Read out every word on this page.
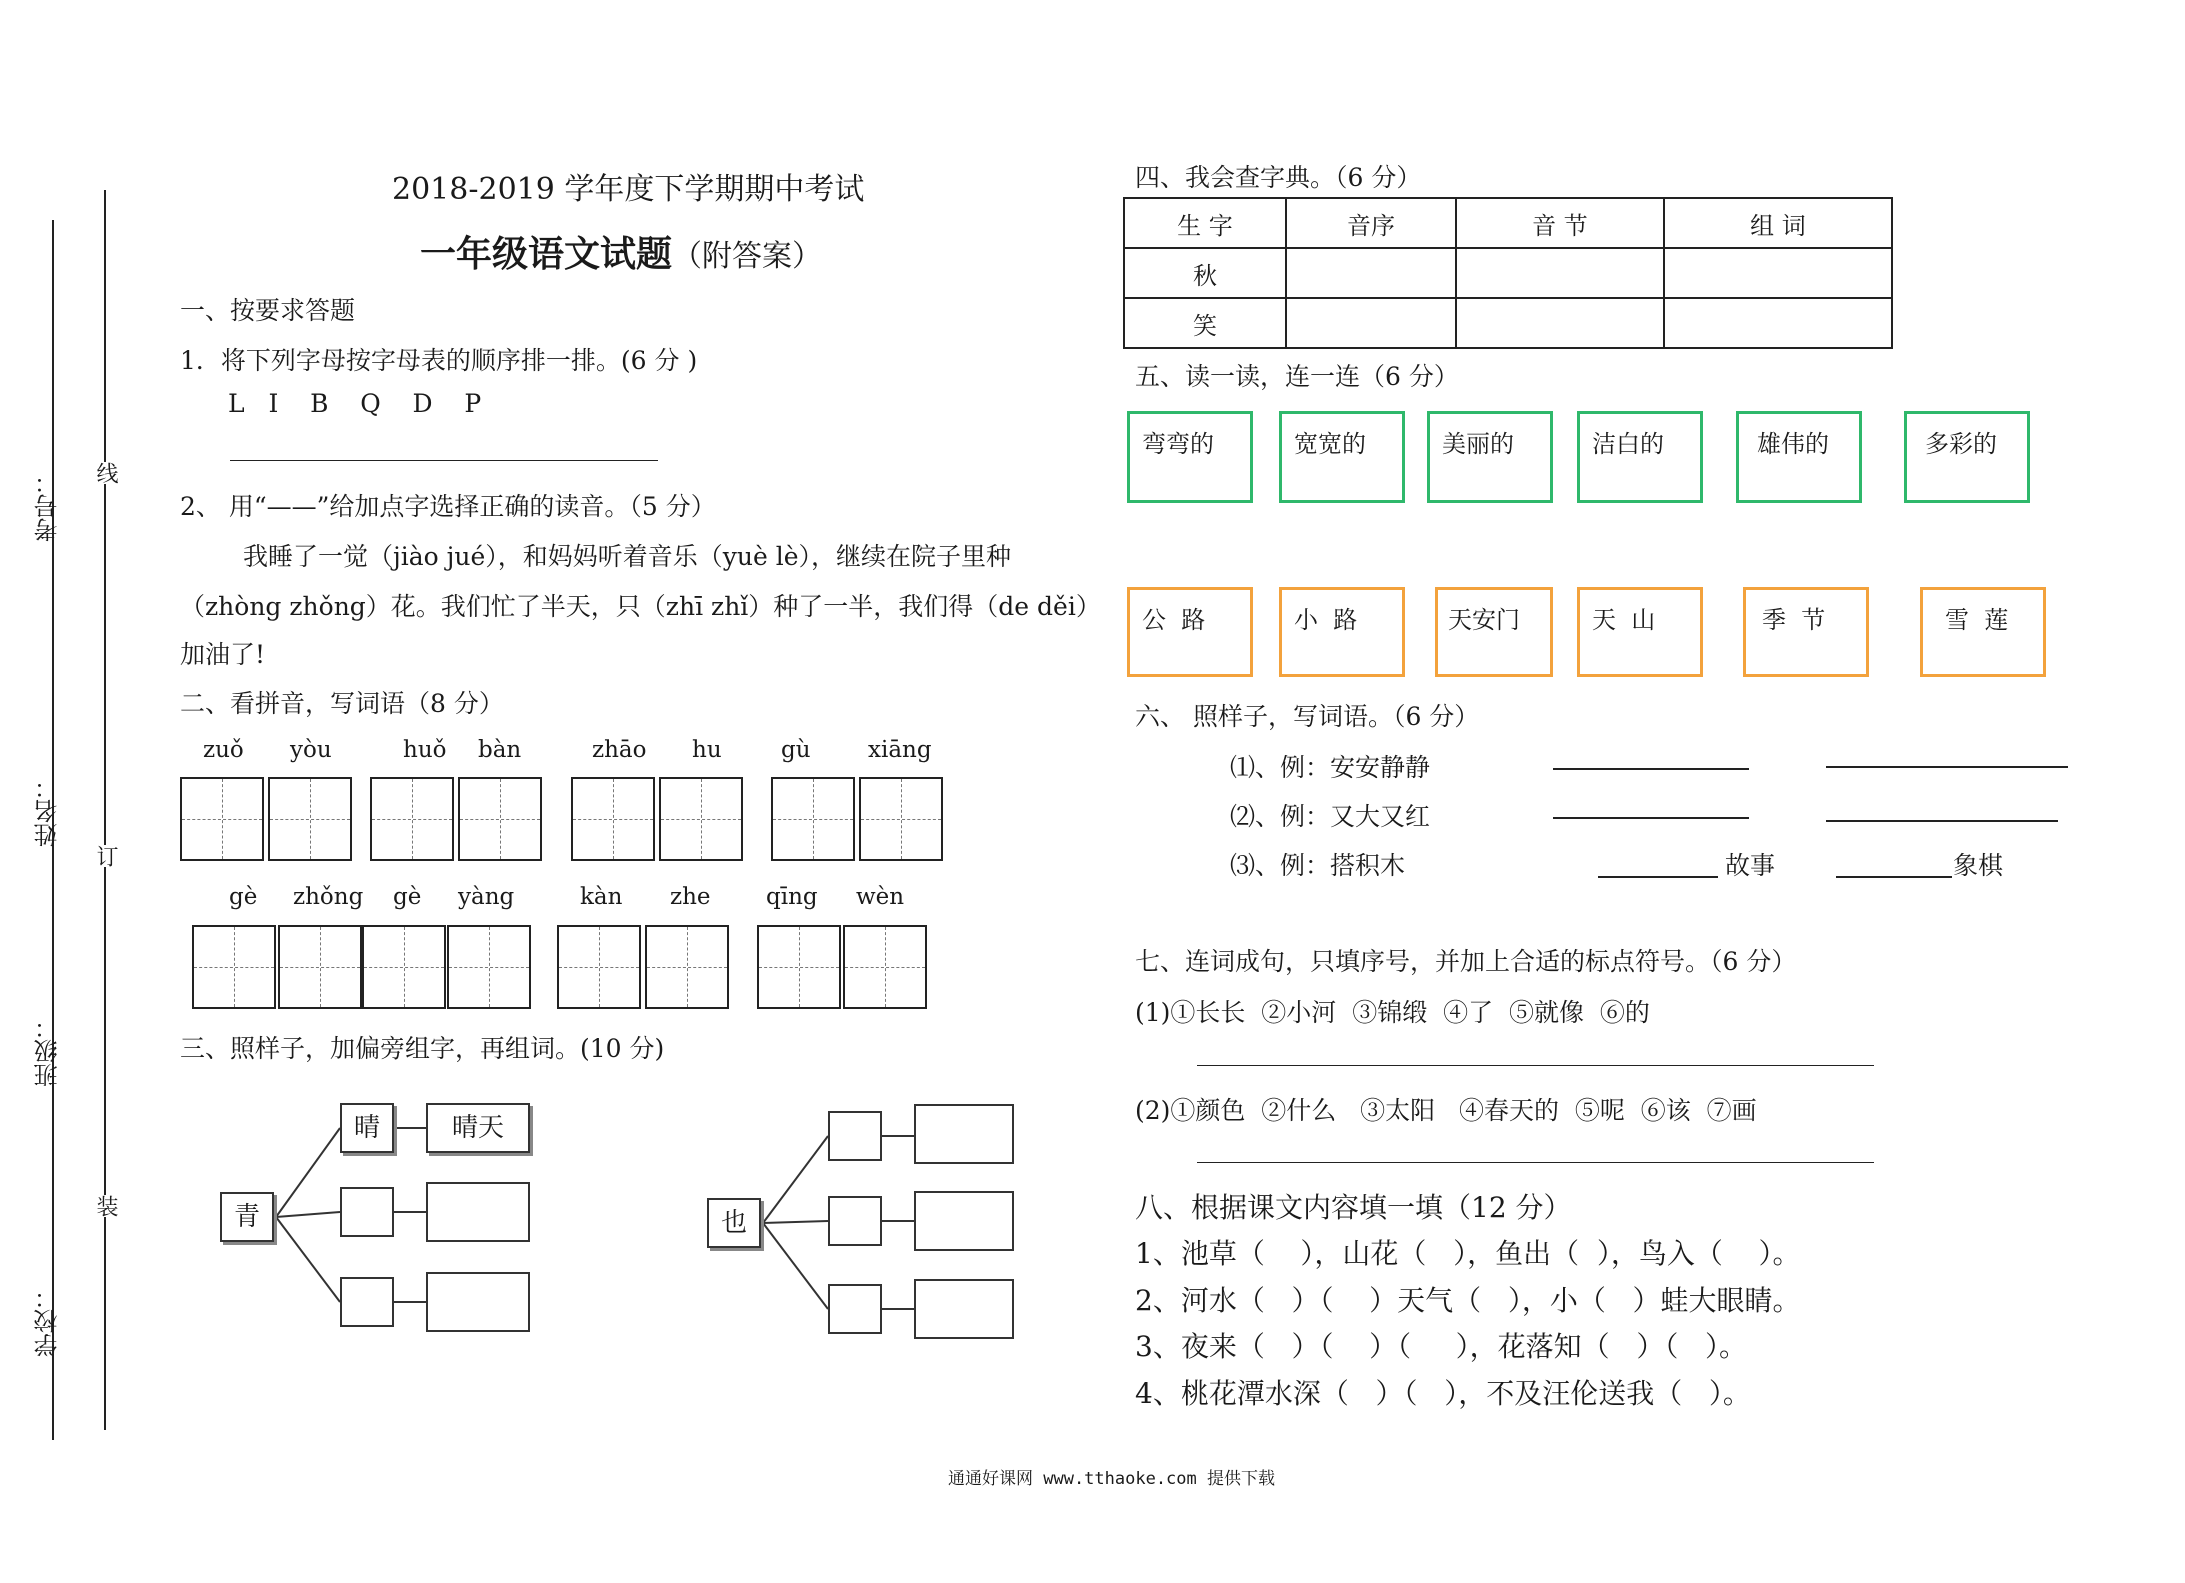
考号：
姓名：
班级：
学校：
线
订
装
2018-2019 学年度下学期期中考试
一年级语文试题（附答案）
一、按要求答题
1．将下列字母按字母表的顺序排一排。(6 分 )
L   I    B    Q    D    P
2、 用“——”给加点字选择正确的读音。（5 分）
我睡了一觉（jiào jué），和妈妈听着音乐（yuè lè），继续在院子里种
（zhòng zhǒng）花。我们忙了半天，只（zhī zhǐ）种了一半，我们得（de děi）
加油了!
二、看拼音，写词语（8 分）
zuǒ yòu	huǒ bàn	zhāo hu	gù xiāng
gè zhǒng gè yàng	kàn zhe qīng wèn
三、照样子，加偏旁组字，再组词。(10 分)
青
晴	晴天
也
四、我会查字典。（6 分）
生 字	音序	音 节	组 词
秋			
笑			
五、读一读，连一连（6 分）
弯弯的	宽宽的	美丽的	洁白的	雄伟的	多彩的
公  路	小  路	天安门	天  山	季  节	雪  莲
六、 照样子，写词语。（6 分）
⑴、例：安安静静
⑵、例：又大又红
⑶、例：搭积木	故事	象棋
七、连词成句，只填序号，并加上合适的标点符号。（6 分）
(1)①长长  ②小河  ③锦缎  ④了  ⑤就像  ⑥的
(2)①颜色  ②什么   ③太阳   ④春天的  ⑤呢  ⑥该  ⑦画
八、根据课文内容填一填（12 分）
1、池草（    ），山花（   ），鱼出（  ），鸟入（    ）。
2、河水（   ）（    ）天气（   ），小（   ）蛙大眼睛。
3、夜来（   ）（    ）（     ），花落知（   ）（   ）。
4、桃花潭水深（   ）（   ），不及汪伦送我（   ）。
通通好课网 www.tthaoke.com 提供下载
